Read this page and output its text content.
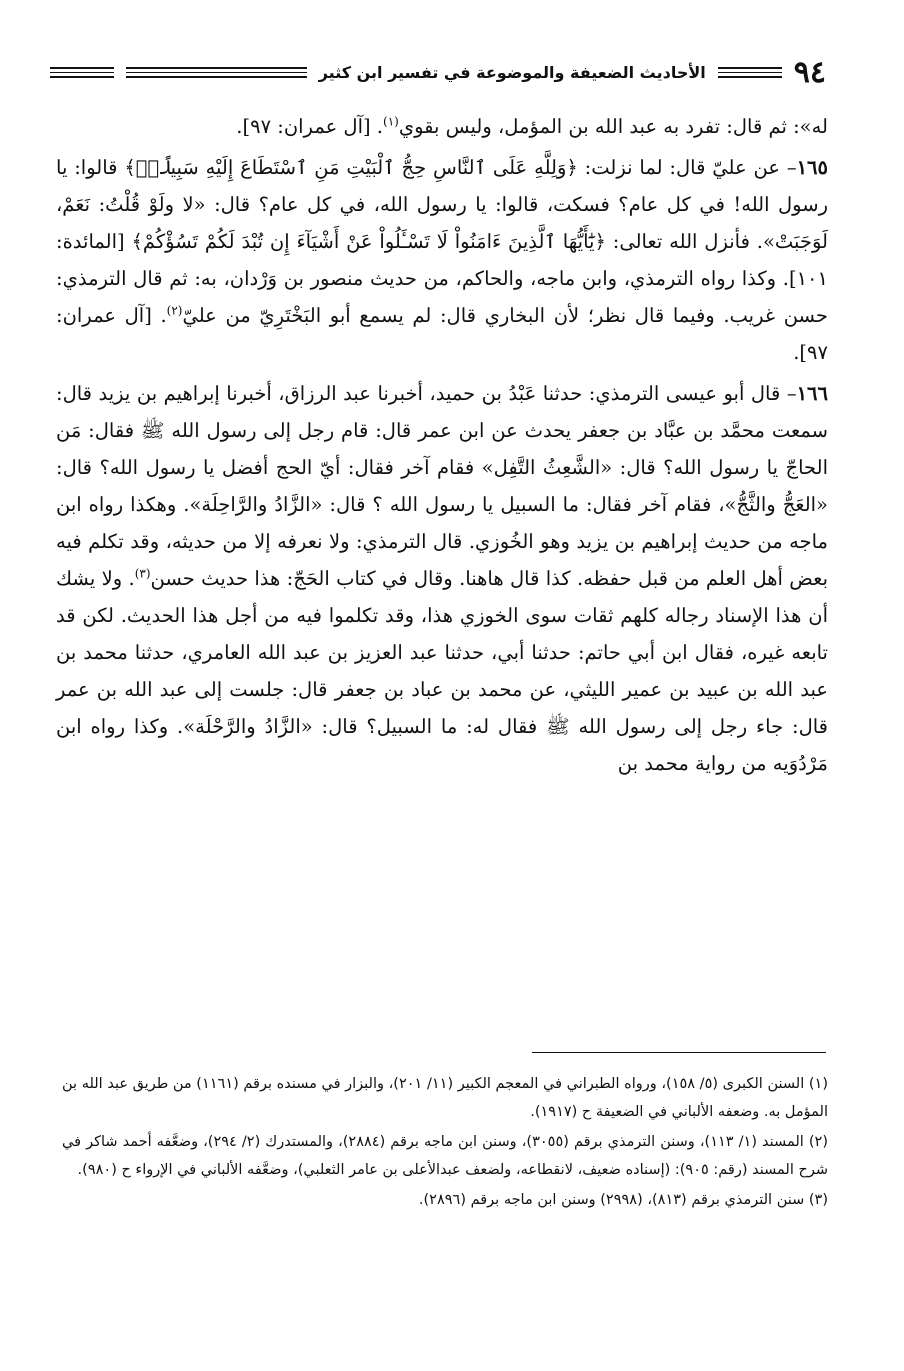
٩٤
الأحاديث الضعيفة والموضوعة في تفسير ابن كثير

له»: ثم قال: تفرد به عبد الله بن المؤمل، وليس بقوي$^{(١)}$. [آل عمران: ٩٧].

١٦٥– عن عليّ قال: لما نزلت: ﴿وَلِلَّهِ عَلَى ٱلنَّاسِ حِجُّ ٱلْبَيْتِ مَنِ ٱسْتَطَاعَ إِلَيْهِ سَبِيلًاۚ﴾ قالوا: يا رسول الله! في كل عام؟ فسكت، قالوا: يا رسول الله، في كل عام؟ قال: «لا ولَوْ قُلْتُ: نَعَمْ، لَوَجَبَتْ». فأنزل الله تعالى: ﴿يَٰٓأَيُّهَا ٱلَّذِينَ ءَامَنُواْ لَا تَسْـَٔلُواْ عَنْ أَشْيَآءَ إِن تُبْدَ لَكُمْ تَسُؤْكُمْ﴾ [المائدة: ١٠١]. وكذا رواه الترمذي، وابن ماجه، والحاكم، من حديث منصور بن وَرْدان، به: ثم قال الترمذي: حسن غريب. وفيما قال نظر؛ لأن البخاري قال: لم يسمع أبو البَخْتَرِيّ من عليّ$^{(٢)}$. [آل عمران: ٩٧].

١٦٦– قال أبو عيسى الترمذي: حدثنا عَبْدُ بن حميد، أخبرنا عبد الرزاق، أخبرنا إبراهيم بن يزيد قال: سمعت محمَّد بن عبَّاد بن جعفر يحدث عن ابن عمر قال: قام رجل إلى رسول الله ﷺ فقال: مَن الحاجّ يا رسول الله؟ قال: «الشَّعِثُ التَّفِل» فقام آخر فقال: أيّ الحج أفضل يا رسول الله؟ قال: «العَجُّ والثَّجُّ»، فقام آخر فقال: ما السبيل يا رسول الله ؟ قال: «الزَّادُ والرَّاحِلَة». وهكذا رواه ابن ماجه من حديث إبراهيم بن يزيد وهو الخُوزي. قال الترمذي: ولا نعرفه إلا من حديثه، وقد تكلم فيه بعض أهل العلم من قبل حفظه. كذا قال هاهنا. وقال في كتاب الحَجّ: هذا حديث حسن$^{(٣)}$. ولا يشك أن هذا الإسناد رجاله كلهم ثقات سوى الخوزي هذا، وقد تكلموا فيه من أجل هذا الحديث. لكن قد تابعه غيره، فقال ابن أبي حاتم: حدثنا أبي، حدثنا عبد العزيز بن عبد الله العامري، حدثنا محمد بن عبد الله بن عبيد بن عمير الليثي، عن محمد بن عباد بن جعفر قال: جلست إلى عبد الله بن عمر قال: جاء رجل إلى رسول الله ﷺ فقال له: ما السبيل؟ قال: «الزَّادُ والرَّحْلَة». وكذا رواه ابن مَرْدُوَيه من رواية محمد بن

(١) السنن الكبرى (٥/ ١٥٨)، ورواه الطبراني في المعجم الكبير (١١/ ٢٠١)، والبزار في مسنده برقم (١١٦١) من طريق عبد الله بن المؤمل به. وضعفه الألباني في الضعيفة ح (١٩١٧).

(٢) المسند (١/ ١١٣)، وسنن الترمذي برقم (٣٠٥٥)، وسنن ابن ماجه برقم (٢٨٨٤)، والمستدرك (٢/ ٢٩٤)، وضعَّفه أحمد شاكر في شرح المسند (رقم: ٩٠٥): (إسناده ضعيف، لانقطاعه، ولضعف عبدالأعلى بن عامر الثعلبي)، وضعَّفه الألباني في الإرواء ح (٩٨٠).

(٣) سنن الترمذي برقم (٨١٣)، (٢٩٩٨) وسنن ابن ماجه برقم (٢٨٩٦).
